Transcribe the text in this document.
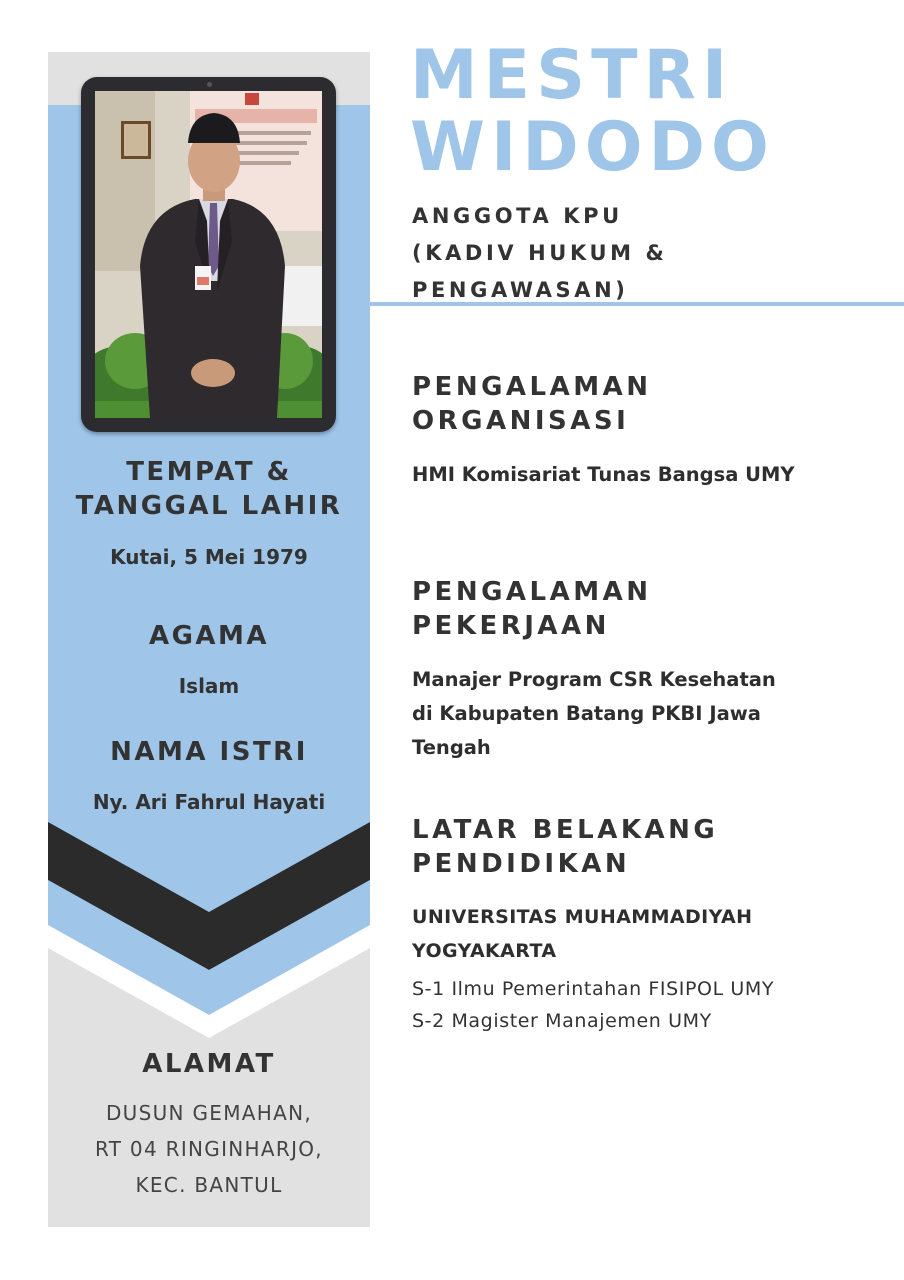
TEMPAT &
TANGGAL LAHIR
Kutai, 5 Mei 1979
AGAMA
Islam
NAMA ISTRI
Ny. Ari Fahrul Hayati
ALAMAT
DUSUN GEMAHAN,
RT 04 RINGINHARJO,
KEC. BANTUL
MESTRI
WIDODO
ANGGOTA KPU
(KADIV HUKUM &
PENGAWASAN)
PENGALAMAN
ORGANISASI
HMI Komisariat Tunas Bangsa UMY
PENGALAMAN
PEKERJAAN
Manajer Program CSR Kesehatan
di Kabupaten Batang PKBI Jawa
Tengah
LATAR BELAKANG
PENDIDIKAN
UNIVERSITAS MUHAMMADIYAH
YOGYAKARTA
S-1 Ilmu Pemerintahan FISIPOL UMY
S-2 Magister Manajemen UMY
